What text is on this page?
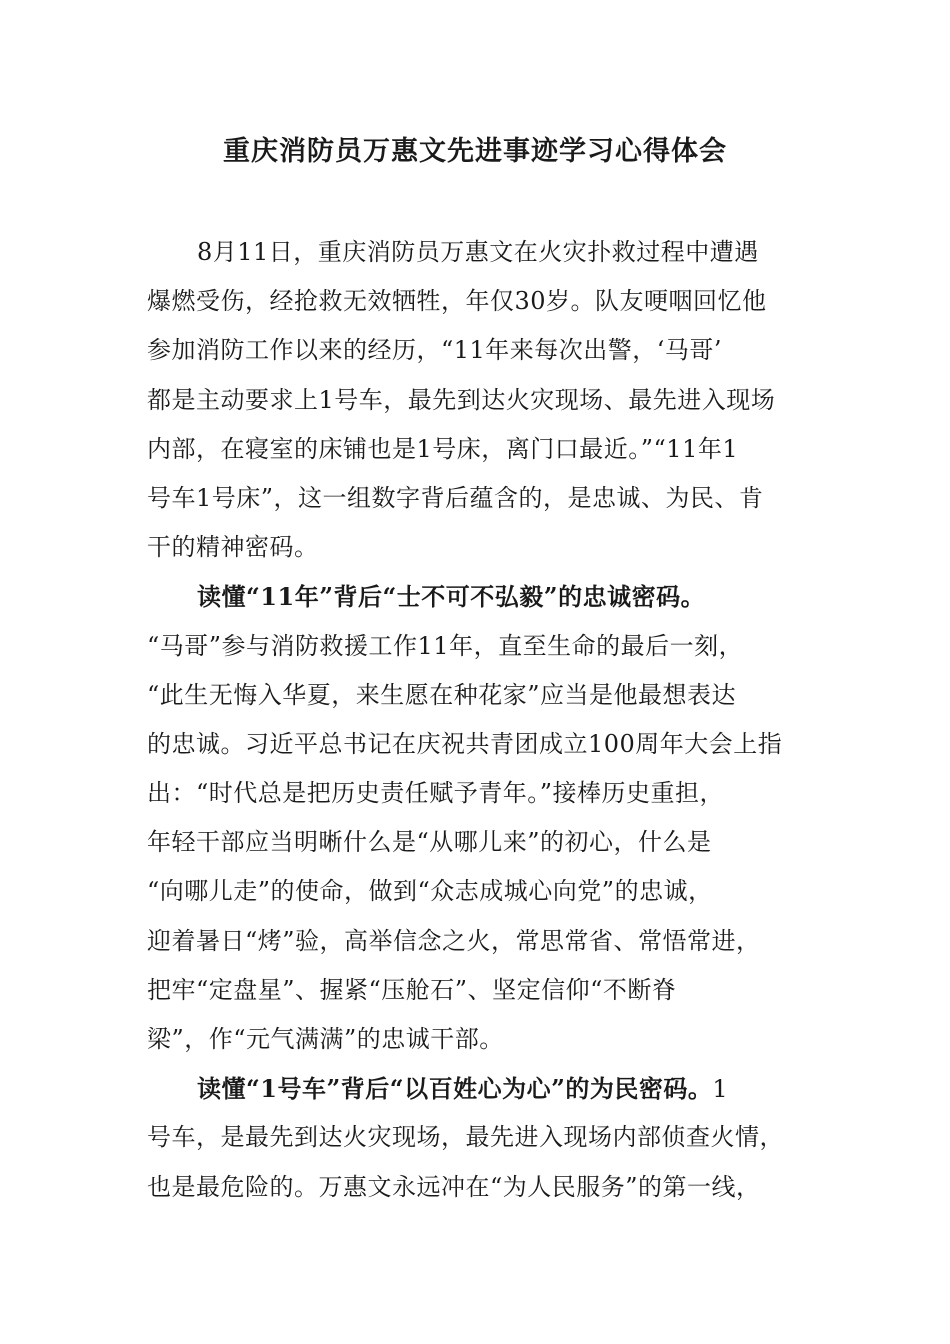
重庆消防员万惠文先进事迹学习心得体会
8月11日，重庆消防员万惠文在火灾扑救过程中遭遇
爆燃受伤，经抢救无效牺牲，年仅30岁。队友哽咽回忆他
参加消防工作以来的经历，“11年来每次出警，‘马哥’
都是主动要求上1号车，最先到达火灾现场、最先进入现场
内部，在寝室的床铺也是1号床，离门口最近。”“11年1
号车1号床”，这一组数字背后蕴含的，是忠诚、为民、肯
干的精神密码。
读懂“11年”背后“士不可不弘毅”的忠诚密码。
“马哥”参与消防救援工作11年，直至生命的最后一刻，
“此生无悔入华夏，来生愿在种花家”应当是他最想表达
的忠诚。习近平总书记在庆祝共青团成立100周年大会上指
出：“时代总是把历史责任赋予青年。”接棒历史重担，
年轻干部应当明晰什么是“从哪儿来”的初心，什么是
“向哪儿走”的使命，做到“众志成城心向党”的忠诚，
迎着暑日“烤”验，高举信念之火，常思常省、常悟常进，
把牢“定盘星”、握紧“压舱石”、坚定信仰“不断脊
梁”，作“元气满满”的忠诚干部。
读懂“1号车”背后“以百姓心为心”的为民密码。1
号车，是最先到达火灾现场，最先进入现场内部侦查火情，
也是最危险的。万惠文永远冲在“为人民服务”的第一线，
